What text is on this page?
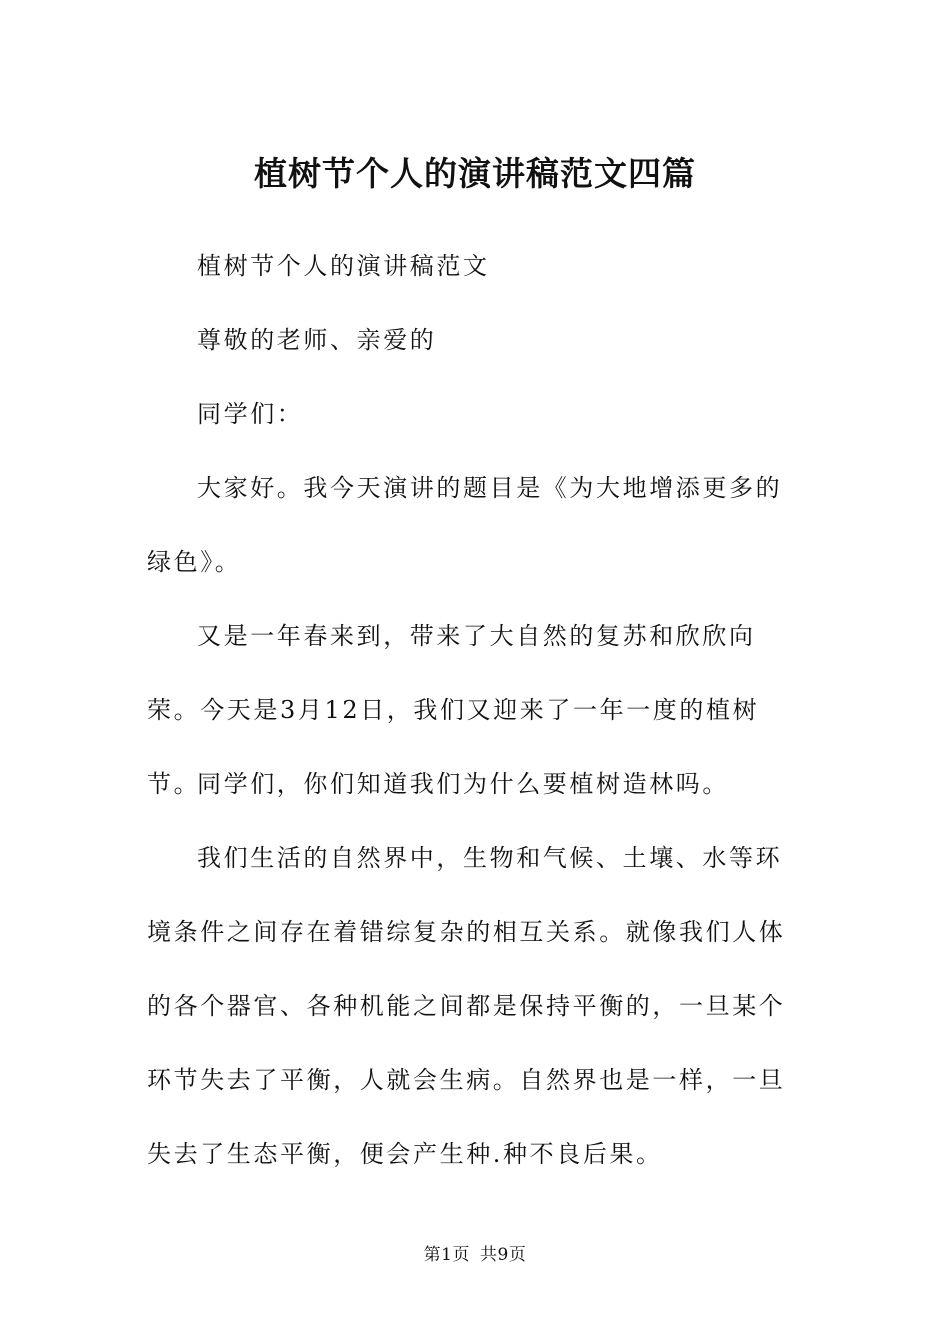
植树节个人的演讲稿范文四篇

植树节个人的演讲稿范文

尊敬的老师、亲爱的

同学们：

大家好。我今天演讲的题目是《为大地增添更多的绿色》。

又是一年春来到，带来了大自然的复苏和欣欣向荣。今天是3月12日，我们又迎来了一年一度的植树节。

同学们，你们知道我们为什么要植树造林吗。

我们生活的自然界中，生物和气候、土壤、水等环境条件之间存在着错综复杂的相互关系。就像我们人体的各个器官、各种机能之间都是保持平衡的，一旦某个环节失去了平衡，人就会生病。自然界也是一样，一旦失去了生态平衡，便会产生种.种不良后果。

第1页 共9页
